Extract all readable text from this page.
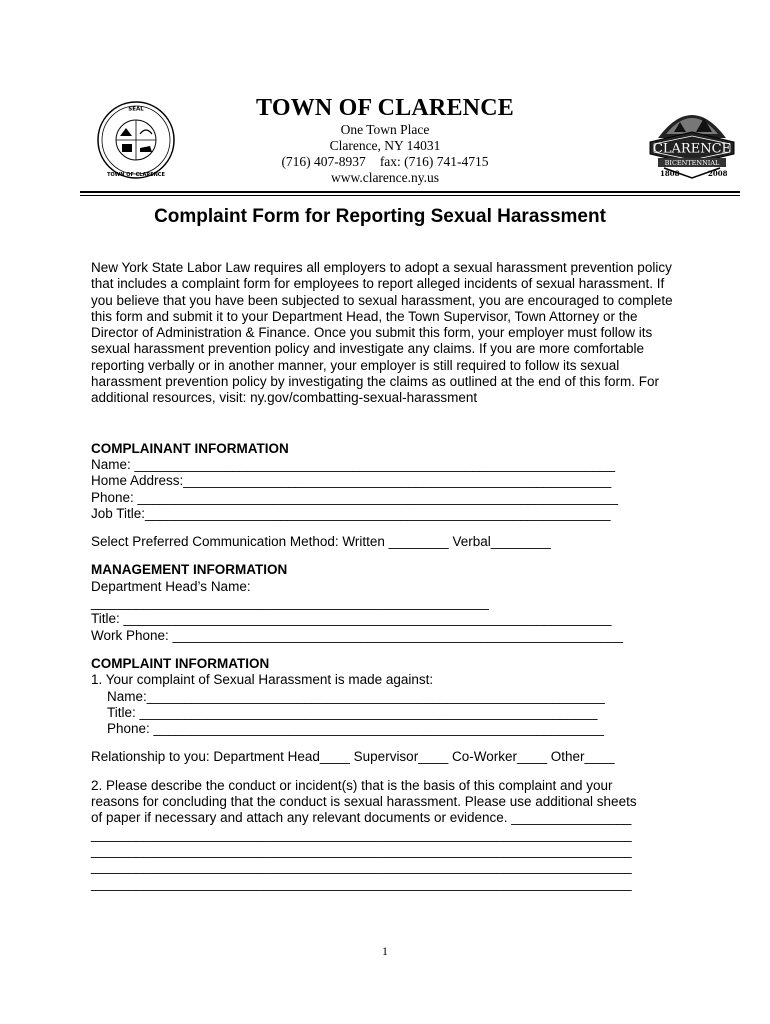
SEAL
TOWN OF CLARENCE
TOWN OF CLARENCE
One Town Place
Clarence, NY 14031
(716) 407-8937 fax: (716) 741-4715
www.clarence.ny.us
CLARENCE
BICENTENNIAL
1808	2008
Complaint Form for Reporting Sexual Harassment
New York State Labor Law requires all employers to adopt a sexual harassment prevention policy that includes a complaint form for employees to report alleged incidents of sexual harassment. If you believe that you have been subjected to sexual harassment, you are encouraged to complete this form and submit it to your Department Head, the Town Supervisor, Town Attorney or the Director of Administration & Finance. Once you submit this form, your employer must follow its sexual harassment prevention policy and investigate any claims. If you are more comfortable reporting verbally or in another manner, your employer is still required to follow its sexual harassment prevention policy by investigating the claims as outlined at the end of this form. For additional resources, visit: ny.gov/combatting-sexual-harassment
COMPLAINANT INFORMATION
Name: ________________________________________________________________
Home Address:_________________________________________________________
Phone: ________________________________________________________________
Job Title:______________________________________________________________
Select Preferred Communication Method: Written ________ Verbal________
MANAGEMENT INFORMATION
Department Head’s Name:
_____________________________________________________
Title: _________________________________________________________________
Work Phone: ____________________________________________________________
COMPLAINT INFORMATION
1. Your complaint of Sexual Harassment is made against:
Name:_____________________________________________________________
Title: _____________________________________________________________
Phone: ____________________________________________________________
Relationship to you: Department Head____ Supervisor____ Co-Worker____ Other____
2. Please describe the conduct or incident(s) that is the basis of this complaint and your
reasons for concluding that the conduct is sexual harassment. Please use additional sheets
of paper if necessary and attach any relevant documents or evidence. ________________
________________________________________________________________________
________________________________________________________________________
________________________________________________________________________
________________________________________________________________________
1
